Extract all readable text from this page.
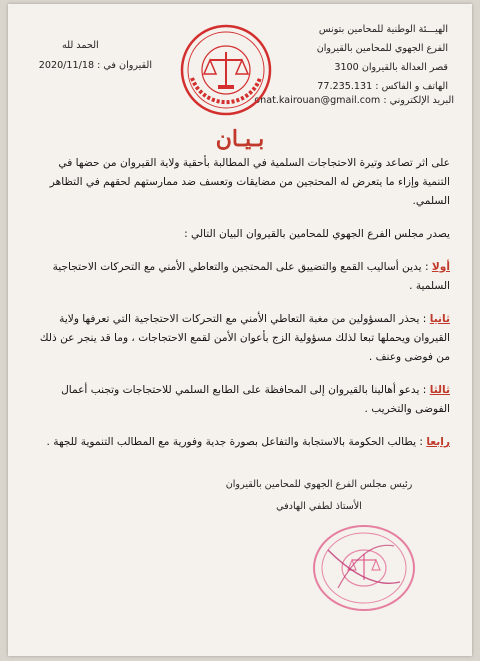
الهيـــئة الوطنية للمحامين بتونس
الفرع الجهوي للمحامين بالقيروان
قصر العدالة بالقيروان 3100
الهاتف و الفاكس : 77.235.131
البريد الإلكتروني : onat.kairouan@gmail.com
الحمد لله
القيروان في : 2020/11/18
بـيـان

على اثر تصاعد وتيرة الاحتجاجات السلمية في المطالبة بأحقية ولاية القيروان من حضها في التنمية وإزاء ما يتعرض له المحتجين من مضايقات وتعسف ضد ممارستهم لحقهم في التظاهر السلمي.

يصدر مجلس الفرع الجهوي للمحامين بالقيروان البيان التالي :

أولا : يدين أساليب القمع والتضييق على المحتجين والتعاطي الأمني مع التحركات الاحتجاجية السلمية .

ثانيا : يحذر المسؤولين من مغبة التعاطي الأمني مع التحركات الاحتجاجية التي تعرفها ولاية القيروان ويحملها تبعا لذلك مسؤولية الزج بأعوان الأمن لقمع الاحتجاجات ، وما قد ينجر عن ذلك من فوضى وعنف .

ثالثا : يدعو أهالينا بالقيروان إلى المحافظة على الطابع السلمي للاحتجاجات وتجنب أعمال الفوضى والتخريب .

رابعا : يطالب الحكومة بالاستجابة والتفاعل بصورة جدية وفورية مع المطالب التنموية للجهة .

رئيس مجلس الفرع الجهوي للمحامين بالقيروان
الأستاذ لطفي الهادفي
